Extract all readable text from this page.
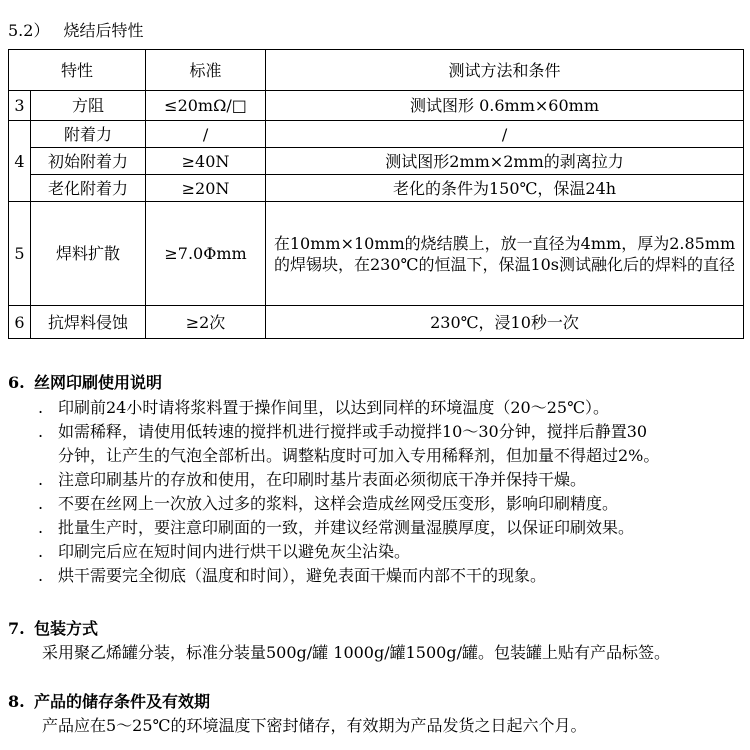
5.2） 烧结后特性
特性		标准	测试方法和条件
3	方阻	≤20mΩ/□	测试图形 0.6mm×60mm
4	附着力	/	/
	初始附着力	≥40N	测试图形2mm×2mm的剥离拉力
	老化附着力	≥20N	老化的条件为150℃，保温24h
5	焊料扩散	≥7.0Φmm	在10mm×10mm的烧结膜上，放一直径为4mm，厚为2.85mm的焊锡块，在230℃的恒温下，保温10s测试融化后的焊料的直径
6	抗焊料侵蚀	≥2次	230℃，浸10秒一次
6. 丝网印刷使用说明
. 印刷前24小时请将浆料置于操作间里，以达到同样的环境温度（20～25℃）。
. 如需稀释，请使用低转速的搅拌机进行搅拌或手动搅拌10～30分钟，搅拌后静置30
分钟，让产生的气泡全部析出。调整粘度时可加入专用稀释剂，但加量不得超过2%。
. 注意印刷基片的存放和使用，在印刷时基片表面必须彻底干净并保持干燥。
. 不要在丝网上一次放入过多的浆料，这样会造成丝网受压变形，影响印刷精度。
. 批量生产时，要注意印刷面的一致，并建议经常测量湿膜厚度，以保证印刷效果。
. 印刷完后应在短时间内进行烘干以避免灰尘沾染。
. 烘干需要完全彻底（温度和时间），避免表面干燥而内部不干的现象。
7. 包装方式
采用聚乙烯罐分装，标准分装量500g/罐 1000g/罐1500g/罐。包装罐上贴有产品标签。
8. 产品的储存条件及有效期
产品应在5～25℃的环境温度下密封储存，有效期为产品发货之日起六个月。
